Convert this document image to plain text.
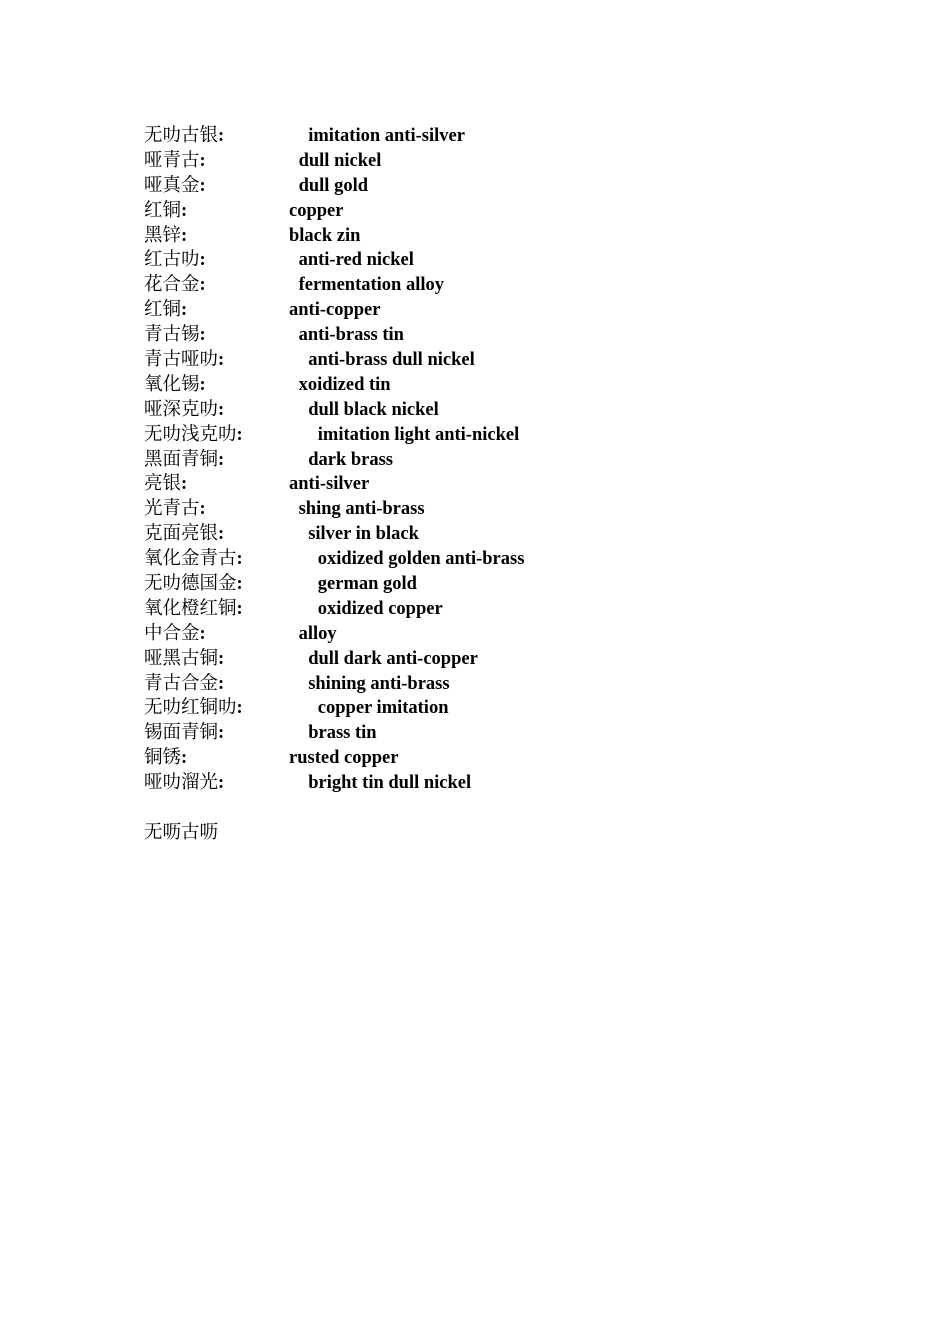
无叻古银:	imitation anti-silver
哑青古:	dull nickel
哑真金:	dull gold
红铜:	copper
黑锌:	black zin
红古叻:	anti-red nickel
花合金:	fermentation alloy
红铜:	anti-copper
青古锡:	anti-brass tin
青古哑叻:	anti-brass dull nickel
氧化锡:	xoidized tin
哑深克叻:	dull black nickel
无叻浅克叻:	imitation light anti-nickel
黑面青铜:	dark brass
亮银:	anti-silver
光青古:	shing anti-brass
克面亮银:	silver in black
氧化金青古:	oxidized golden anti-brass
无叻德国金:	german gold
氧化橙红铜:	oxidized copper
中合金:	alloy
哑黑古铜:	dull dark anti-copper
青古合金:	shining anti-brass
无叻红铜叻:	copper imitation
锡面青铜:	brass tin
铜锈:	rusted copper
哑叻溜光:	bright tin dull nickel
无呖古呖
